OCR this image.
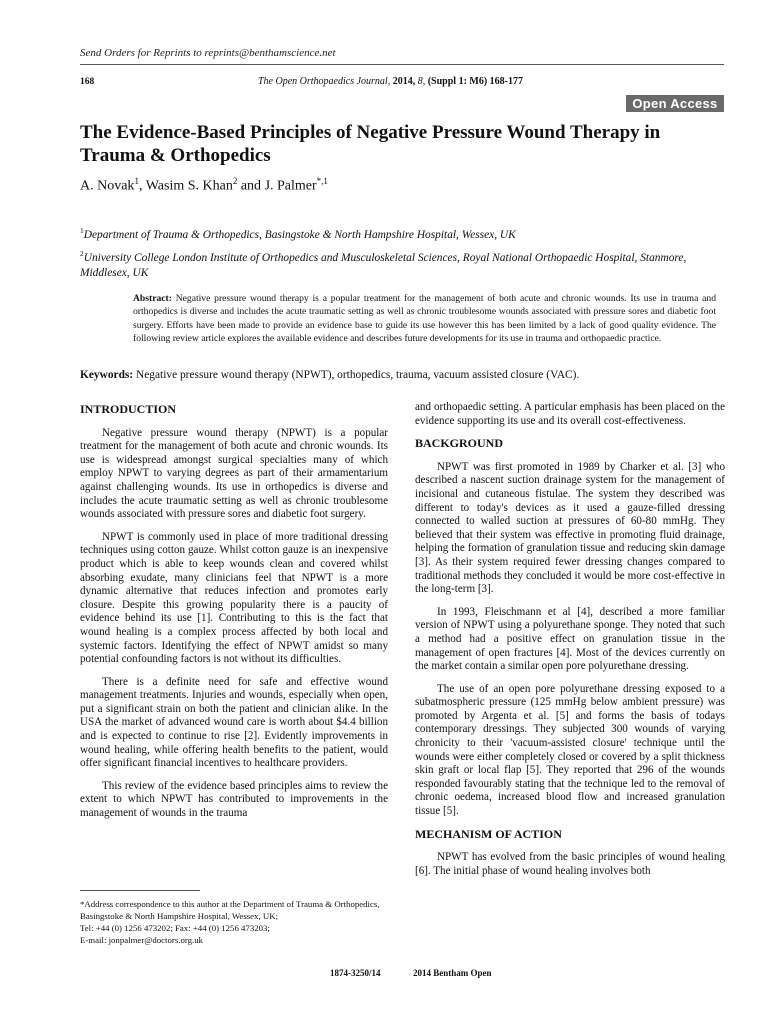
Send Orders for Reprints to reprints@benthamscience.net
168	The Open Orthopaedics Journal, 2014, 8, (Suppl 1: M6) 168-177
Open Access
The Evidence-Based Principles of Negative Pressure Wound Therapy in Trauma & Orthopedics
A. Novak$^1$, Wasim S. Khan$^2$ and J. Palmer$^{*,1}$
$^1$Department of Trauma & Orthopedics, Basingstoke & North Hampshire Hospital, Wessex, UK
$^2$University College London Institute of Orthopedics and Musculoskeletal Sciences, Royal National Orthopaedic Hospital, Stanmore, Middlesex, UK
Abstract: Negative pressure wound therapy is a popular treatment for the management of both acute and chronic wounds. Its use in trauma and orthopedics is diverse and includes the acute traumatic setting as well as chronic troublesome wounds associated with pressure sores and diabetic foot surgery. Efforts have been made to provide an evidence base to guide its use however this has been limited by a lack of good quality evidence. The following review article explores the available evidence and describes future developments for its use in trauma and orthopaedic practice.
Keywords: Negative pressure wound therapy (NPWT), orthopedics, trauma, vacuum assisted closure (VAC).
INTRODUCTION

Negative pressure wound therapy (NPWT) is a popular treatment for the management of both acute and chronic wounds. Its use is widespread amongst surgical specialties many of which employ NPWT to varying degrees as part of their armamentarium against challenging wounds. Its use in orthopedics is diverse and includes the acute traumatic setting as well as chronic troublesome wounds associated with pressure sores and diabetic foot surgery.

NPWT is commonly used in place of more traditional dressing techniques using cotton gauze. Whilst cotton gauze is an inexpensive product which is able to keep wounds clean and covered whilst absorbing exudate, many clinicians feel that NPWT is a more dynamic alternative that reduces infection and promotes early closure. Despite this growing popularity there is a paucity of evidence behind its use [1]. Contributing to this is the fact that wound healing is a complex process affected by both local and systemic factors. Identifying the effect of NPWT amidst so many potential confounding factors is not without its difficulties.

There is a definite need for safe and effective wound management treatments. Injuries and wounds, especially when open, put a significant strain on both the patient and clinician alike. In the USA the market of advanced wound care is worth about $4.4 billion and is expected to continue to rise [2]. Evidently improvements in wound healing, while offering health benefits to the patient, would offer significant financial incentives to healthcare providers.

This review of the evidence based principles aims to review the extent to which NPWT has contributed to improvements in the management of wounds in the trauma

and orthopaedic setting. A particular emphasis has been placed on the evidence supporting its use and its overall cost-effectiveness.

BACKGROUND

NPWT was first promoted in 1989 by Charker et al. [3] who described a nascent suction drainage system for the management of incisional and cutaneous fistulae. The system they described was different to today's devices as it used a gauze-filled dressing connected to walled suction at pressures of 60-80 mmHg. They believed that their system was effective in promoting fluid drainage, helping the formation of granulation tissue and reducing skin damage [3]. As their system required fewer dressing changes compared to traditional methods they concluded it would be more cost-effective in the long-term [3].

In 1993, Fleischmann et al [4], described a more familiar version of NPWT using a polyurethane sponge. They noted that such a method had a positive effect on granulation tissue in the management of open fractures [4]. Most of the devices currently on the market contain a similar open pore polyurethane dressing.

The use of an open pore polyurethane dressing exposed to a subatmospheric pressure (125 mmHg below ambient pressure) was promoted by Argenta et al. [5] and forms the basis of todays contemporary dressings. They subjected 300 wounds of varying chronicity to their 'vacuum-assisted closure' technique until the wounds were either completely closed or covered by a split thickness skin graft or local flap [5]. They reported that 296 of the wounds responded favourably stating that the technique led to the removal of chronic oedema, increased blood flow and increased granulation tissue [5].

MECHANISM OF ACTION

NPWT has evolved from the basic principles of wound healing [6]. The initial phase of wound healing involves both

*Address correspondence to this author at the Department of Trauma & Orthopedics, Basingstoke & North Hampshire Hospital, Wessex, UK;
Tel: +44 (0) 1256 473202; Fax: +44 (0) 1256 473203;
E-mail: jonpalmer@doctors.org.uk
1874-3250/14	2014 Bentham Open
